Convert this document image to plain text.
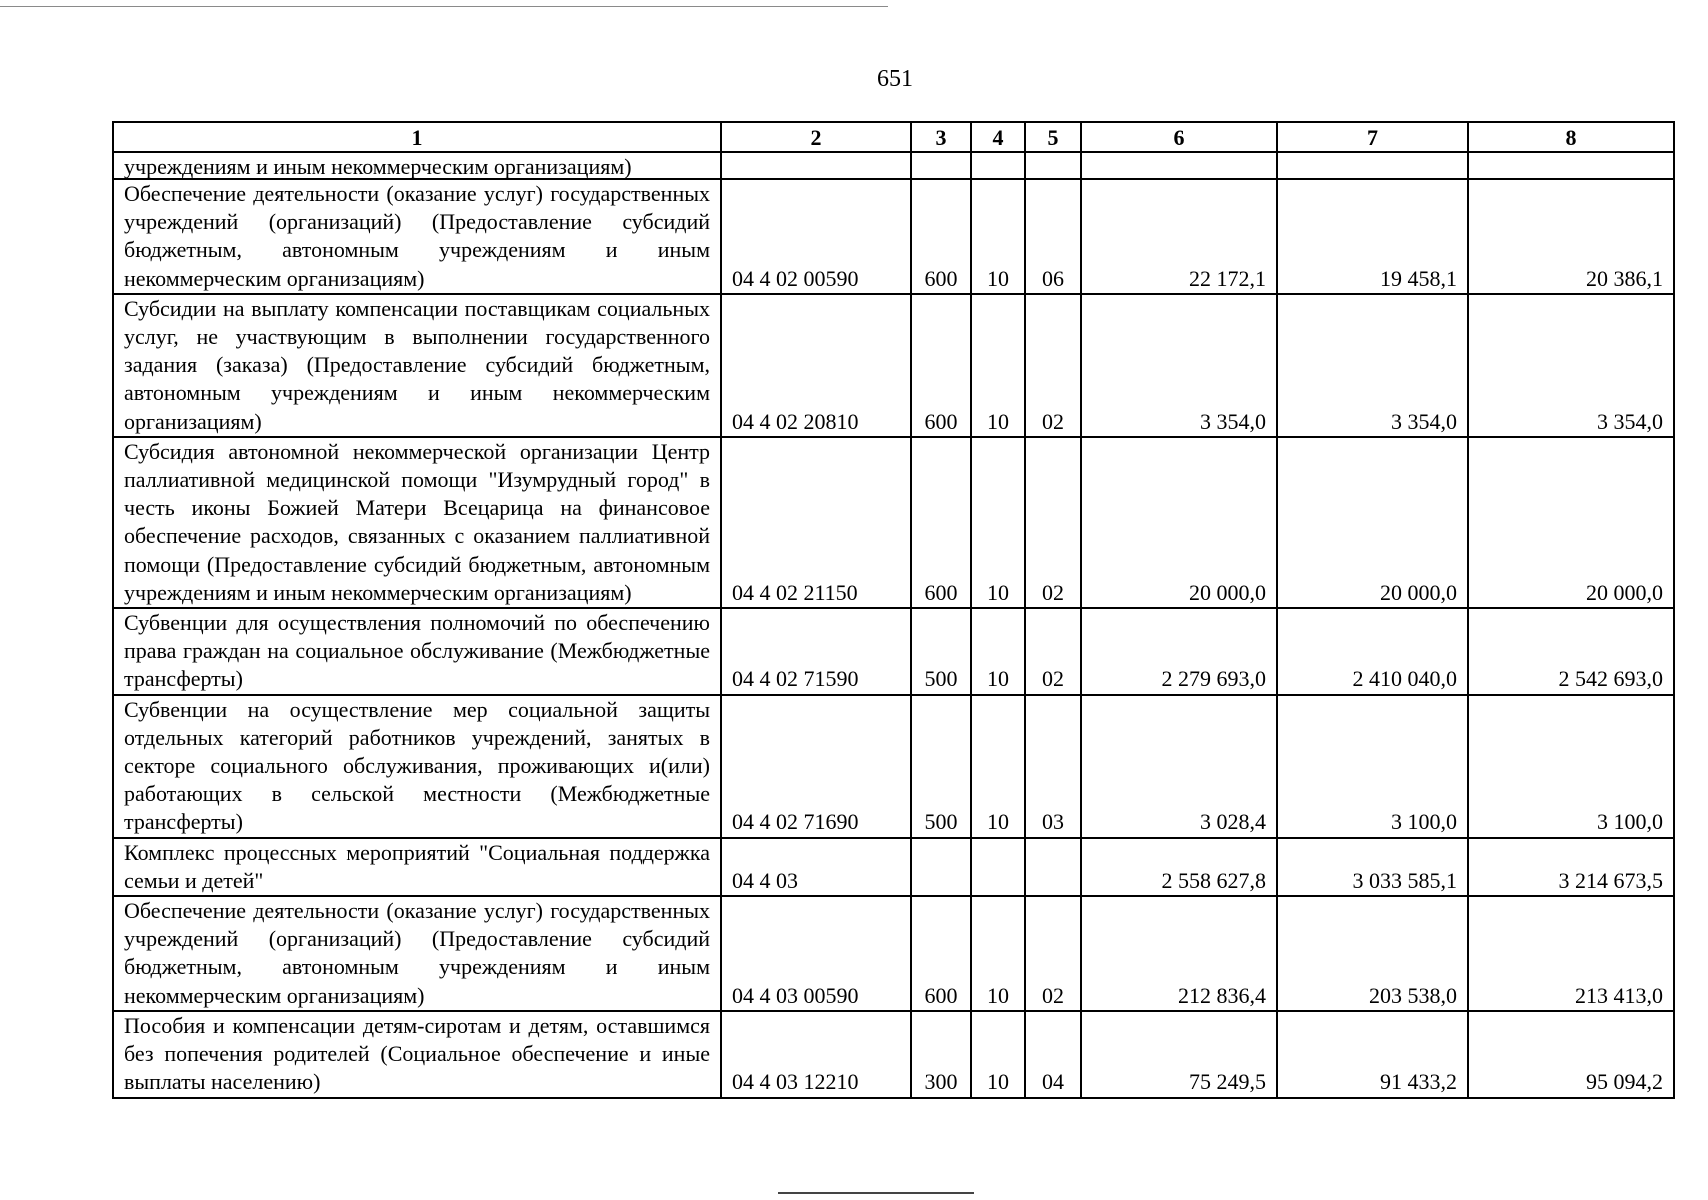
651
1	2	3	4	5	6	7	8
учреждениям и иным некоммерческим организациям)							
Обеспечение деятельности (оказание услуг) государственных учреждений (организаций) (Предоставление субсидий бюджетным, автономным учреждениям и иным некоммерческим организациям)	04 4 02 00590	600	10	06	22 172,1	19 458,1	20 386,1
Субсидии на выплату компенсации поставщикам социальных услуг, не участвующим в выполнении государственного задания (заказа) (Предоставление субсидий бюджетным, автономным учреждениям и иным некоммерческим организациям)	04 4 02 20810	600	10	02	3 354,0	3 354,0	3 354,0
Субсидия автономной некоммерческой организации Центр паллиативной медицинской помощи "Изумрудный город" в честь иконы Божией Матери Всецарица на финансовое обеспечение расходов, связанных с оказанием паллиативной помощи (Предоставление субсидий бюджетным, автономным учреждениям и иным некоммерческим организациям)	04 4 02 21150	600	10	02	20 000,0	20 000,0	20 000,0
Субвенции для осуществления полномочий по обеспечению права граждан на социальное обслуживание (Межбюджетные трансферты)	04 4 02 71590	500	10	02	2 279 693,0	2 410 040,0	2 542 693,0
Субвенции на осуществление мер социальной защиты отдельных категорий работников учреждений, занятых в секторе социального обслуживания, проживающих и(или) работающих в сельской местности (Межбюджетные трансферты)	04 4 02 71690	500	10	03	3 028,4	3 100,0	3 100,0
Комплекс процессных мероприятий "Социальная поддержка семьи и детей"	04 4 03				2 558 627,8	3 033 585,1	3 214 673,5
Обеспечение деятельности (оказание услуг) государственных учреждений (организаций) (Предоставление субсидий бюджетным, автономным учреждениям и иным некоммерческим организациям)	04 4 03 00590	600	10	02	212 836,4	203 538,0	213 413,0
Пособия и компенсации детям-сиротам и детям, оставшимся без попечения родителей (Социальное обеспечение и иные выплаты населению)	04 4 03 12210	300	10	04	75 249,5	91 433,2	95 094,2
